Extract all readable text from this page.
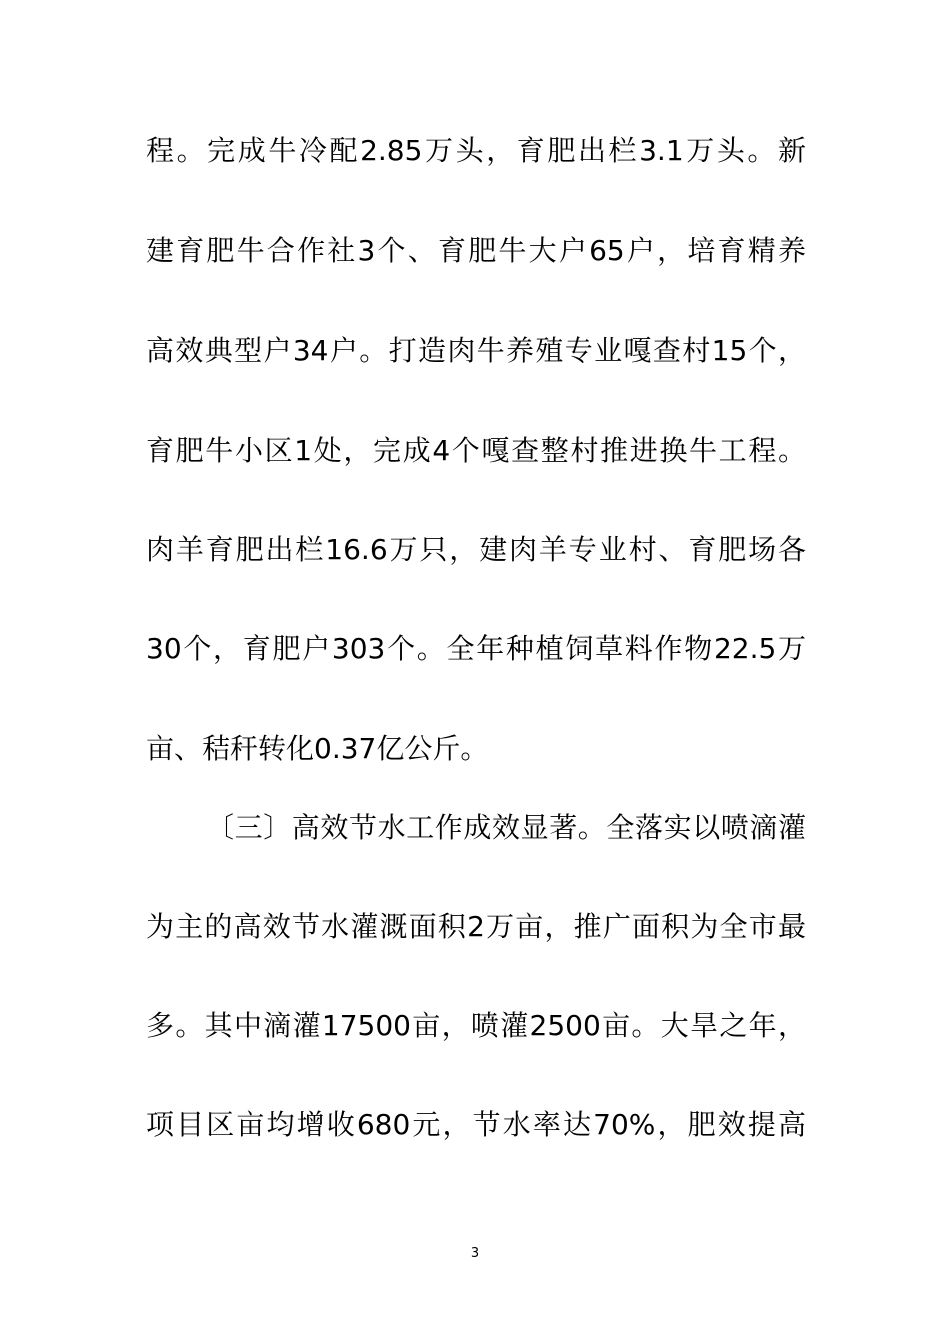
程。完成牛冷配2.85万头，育肥出栏3.1万头。新
建育肥牛合作社3个、育肥牛大户65户，培育精养
高效典型户34户。打造肉牛养殖专业嘎查村15个，
育肥牛小区1处，完成4个嘎查整村推进换牛工程。
肉羊育肥出栏16.6万只，建肉羊专业村、育肥场各
30个，育肥户303个。全年种植饲草料作物22.5万
亩、秸秆转化0.37亿公斤。
〔三〕高效节水工作成效显著。全落实以喷滴灌
为主的高效节水灌溉面积2万亩，推广面积为全市最
多。其中滴灌17500亩，喷灌2500亩。大旱之年，
项目区亩均增收680元，节水率达70%，肥效提高
3
